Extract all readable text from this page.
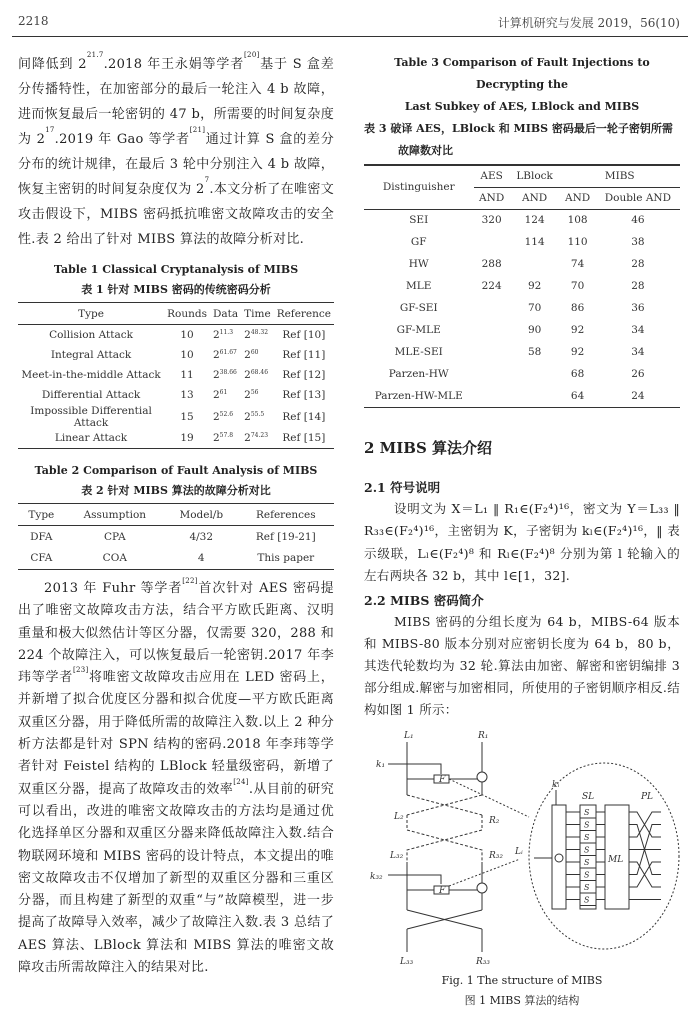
2218	计算机研究与发展 2019，56(10)
间降低到 $2^{21.7}.2018$ 年王永娟等学者[20]基于 S 盒差分传播特性，在加密部分的最后一轮注入 4 b 故障，进而恢复最后一轮密钥的 47 b，所需要的时间复杂度为 $2^{17}.2019$ 年 Gao 等学者[21]通过计算 S 盒的差分分布的统计规律，在最后 3 轮中分别注入 4 b 故障，恢复主密钥的时间复杂度仅为 $2^7$.本文分析了在唯密文攻击假设下，MIBS 密码抵抗唯密文故障攻击的安全性.表 2 给出了针对 MIBS 算法的故障分析对比.
Table 1 Classical Cryptanalysis of MIBS
表 1 针对 MIBS 密码的传统密码分析
Type	Rounds	Data	Time	Reference
Collision Attack	10	$2^{11.3}$	$2^{48.32}$	Ref [10]
Integral Attack	10	$2^{61.67}$	$2^{60}$	Ref [11]
Meet-in-the-middle Attack	11	$2^{38.66}$	$2^{68.46}$	Ref [12]
Differential Attack	13	$2^{61}$	$2^{56}$	Ref [13]
Impossible Differential Attack	15	$2^{52.6}$	$2^{55.5}$	Ref [14]
Linear Attack	19	$2^{57.8}$	$2^{74.23}$	Ref [15]
Table 2 Comparison of Fault Analysis of MIBS
表 2 针对 MIBS 算法的故障分析对比
Type	Assumption	Model/b	References
DFA	CPA	4/32	Ref [19-21]
CFA	COA	4	This paper
2013 年 Fuhr 等学者[22]首次针对 AES 密码提出了唯密文故障攻击方法，结合平方欧氏距离、汉明重量和极大似然估计等区分器，仅需要 320，288 和 224 个故障注入，可以恢复最后一轮密钥.2017 年李玮等学者[23]将唯密文故障攻击应用在 LED 密码上，并新增了拟合优度区分器和拟合优度—平方欧氏距离双重区分器，用于降低所需的故障注入数.以上 2 种分析方法都是针对 SPN 结构的密码.2018 年李玮等学者针对 Feistel 结构的 LBlock 轻量级密码，新增了双重区分器，提高了故障攻击的效率[24].从目前的研究可以看出，改进的唯密文故障攻击的方法均是通过优化选择单区分器和双重区分器来降低故障注入数.结合物联网环境和 MIBS 密码的设计特点，本文提出的唯密文故障攻击不仅增加了新型的双重区分器和三重区分器，而且构建了新型的双重“与”故障模型，进一步提高了故障导入效率，减少了故障注入数.表 3 总结了 AES 算法、LBlock 算法和 MIBS 算法的唯密文故障攻击所需故障注入的结果对比.
Table 3 Comparison of Fault Injections to Decrypting the
Last Subkey of AES, LBlock and MIBS
表 3 破译 AES，LBlock 和 MIBS 密码最后一轮子密钥所需
故障数对比
Distinguisher	AES	LBlock	MIBS	
	AND	AND	AND	Double AND
SEI	320	124	108	46
GF		114	110	38
HW	288		74	28
MLE	224	92	70	28
GF-SEI		70	86	36
GF-MLE		90	92	34
MLE-SEI		58	92	34
Parzen-HW			68	26
Parzen-HW-MLE			64	24
2 MIBS 算法介绍
2.1 符号说明
设明文为 X＝L₁ ‖ R₁∈(F₂⁴)¹⁶，密文为 Y＝L₃₃ ‖ R₃₃∈(F₂⁴)¹⁶，主密钥为 K，子密钥为 kₗ∈(F₂⁴)¹⁶，‖ 表示级联，Lₗ∈(F₂⁴)⁸ 和 Rₗ∈(F₂⁴)⁸ 分别为第 l 轮输入的左右两块各 32 b，其中 l∈[1，32].
2.2 MIBS 密码简介
MIBS 密码的分组长度为 64 b，MIBS-64 版本和 MIBS-80 版本分别对应密钥长度为 64 b，80 b，其迭代轮数均为 32 轮.算法由加密、解密和密钥编排 3 部分组成.解密与加密相同，所使用的子密钥顺序相反.结构如图 1 所示：
L₁	R₁
k₁
F
L₂	R₂
L₃₂	R₃₂
k₃₂
F
L₃₃	R₃₃
kᵢ
Lᵢ
SL
ML
PL
S
S
S
S
S
S
S
S
Fig. 1 The structure of MIBS
图 1 MIBS 算法的结构
